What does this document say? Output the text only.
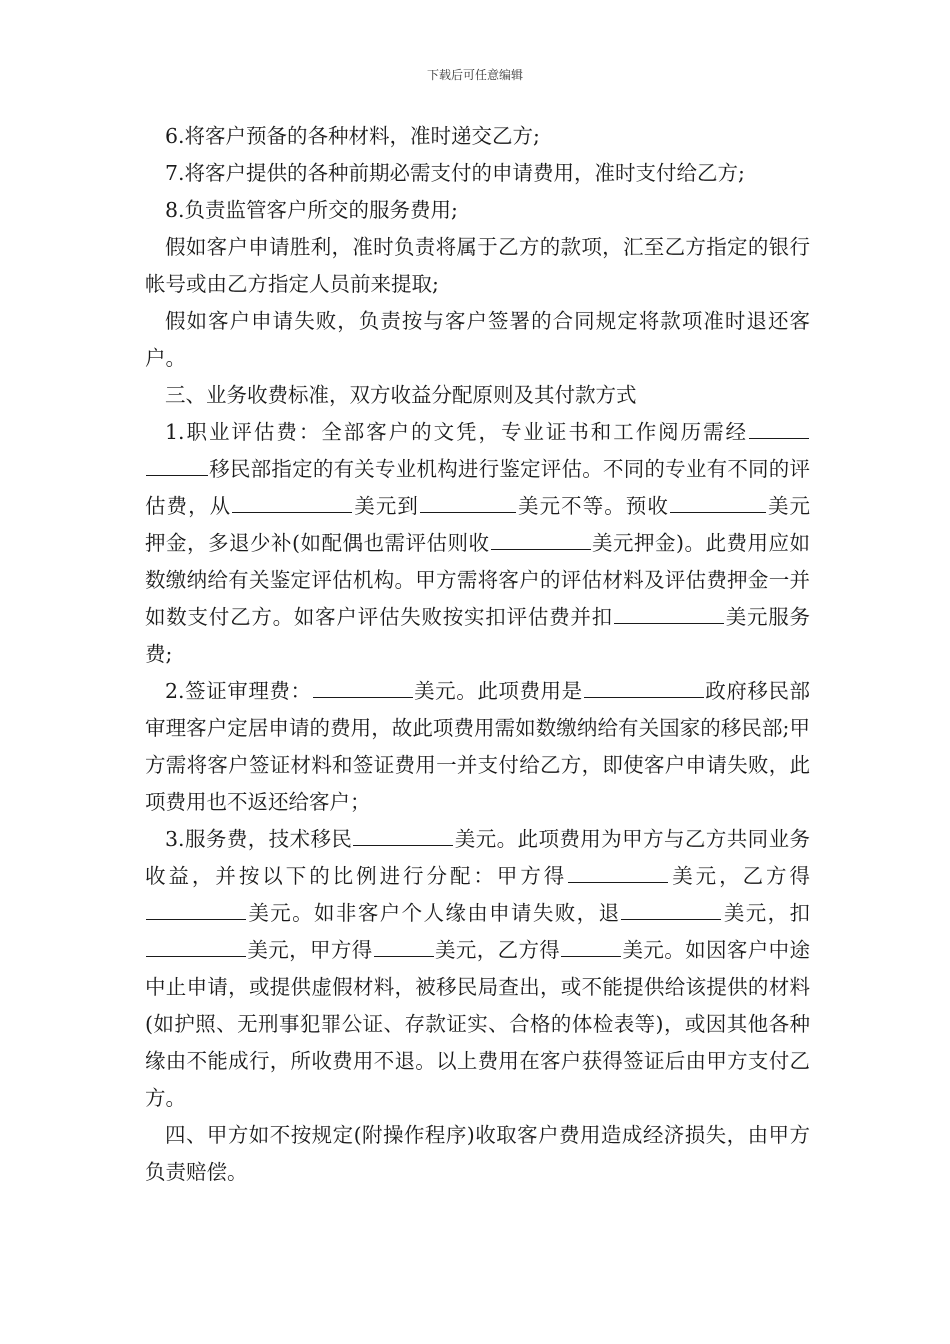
下载后可任意编辑

6.将客户预备的各种材料，准时递交乙方;

7.将客户提供的各种前期必需支付的申请费用，准时支付给乙方;

8.负责监管客户所交的服务费用;

假如客户申请胜利，准时负责将属于乙方的款项，汇至乙方指定的银行帐号或由乙方指定人员前来提取;

假如客户申请失败，负责按与客户签署的合同规定将款项准时退还客户。

三、业务收费标准，双方收益分配原则及其付款方式

1.职业评估费：全部客户的文凭，专业证书和工作阅历需经移民部指定的有关专业机构进行鉴定评估。不同的专业有不同的评估费，从	美元到	美元不等。预收	美元押金，多退少补(如配偶也需评估则收	美元押金)。此费用应如数缴纳给有关鉴定评估机构。甲方需将客户的评估材料及评估费押金一并如数支付乙方。如客户评估失败按实扣评估费并扣	美元服务费;

2.签证审理费：	美元。此项费用是	政府移民部审理客户定居申请的费用，故此项费用需如数缴纳给有关国家的移民部;甲方需将客户签证材料和签证费用一并支付给乙方，即使客户申请失败，此项费用也不返还给客户；

3.服务费，技术移民	美元。此项费用为甲方与乙方共同业务收益，并按以下的比例进行分配：甲方得	美元，乙方得美元。如非客户个人缘由申请失败，退	美元，扣美元，甲方得	美元，乙方得	美元。如因客户中途中止申请，或提供虚假材料，被移民局查出，或不能提供给该提供的材料(如护照、无刑事犯罪公证、存款证实、合格的体检表等)，或因其他各种缘由不能成行，所收费用不退。以上费用在客户获得签证后由甲方支付乙方。

四、甲方如不按规定(附操作程序)收取客户费用造成经济损失，由甲方负责赔偿。
